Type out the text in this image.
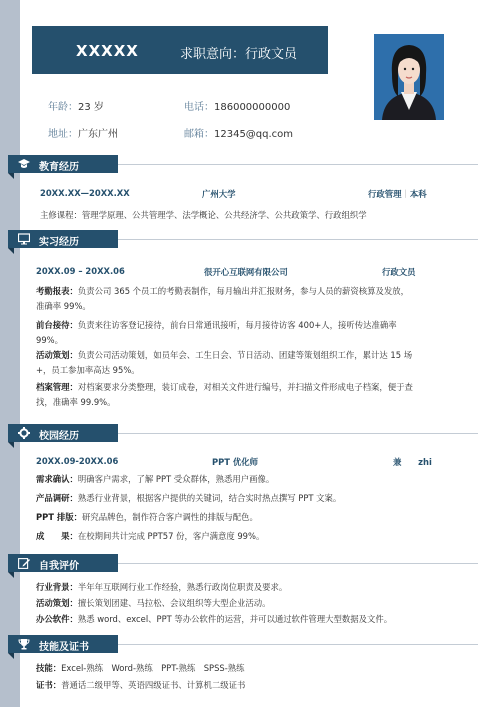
XXXXX	求职意向：行政文员
年龄：23 岁	电话：186000000000
地址：广东广州	邮箱：12345@qq.com
教育经历
20XX.XX—20XX.XX	广州大学	行政管理｜本科
主修课程：管理学原理、公共管理学、法学概论、公共经济学、公共政策学、行政组织学
实习经历
20XX.09 – 20XX.06	很开心互联网有限公司	行政文员
考勤报表：负责公司 365 个员工的考勤表制作，每月输出并汇报财务，参与人员的薪资核算及发放，
准确率 99%。
前台接待：负责来往访客登记接待，前台日常通讯接听，每月接待访客 400+人，接听传达准确率
99%。
活动策划：负责公司活动策划，如员年会、工生日会、节日活动、团建等策划组织工作，累计达 15 场
+，员工参加率高达 95%。
档案管理：对档案要求分类整理，装订成卷，对相关文件进行编号，并扫描文件形成电子档案，便于查
找，准确率 99.9%。
校园经历
20XX.09-20XX.06	PPT 优化师	兼　　zhi
需求确认：明确客户需求，了解 PPT 受众群体，熟悉用户画像。
产品调研：熟悉行业背景，根据客户提供的关键词，结合实时热点撰写 PPT 文案。
PPT 排版：研究品牌色，制作符合客户调性的排版与配色。
成　　果：在校期间共计完成 PPT57 份，客户满意度 99%。
自我评价
行业背景：半年年互联网行业工作经验，熟悉行政岗位职责及要求。
活动策划：擅长策划团建、马拉松、会议组织等大型企业活动。
办公软件：熟悉 word、excel、PPT 等办公软件的运营，并可以通过软件管理大型数据及文件。
技能及证书
技能：Excel-熟练　Word-熟练　PPT-熟练　SPSS-熟练
证书：普通话二级甲等、英语四级证书、计算机二级证书
